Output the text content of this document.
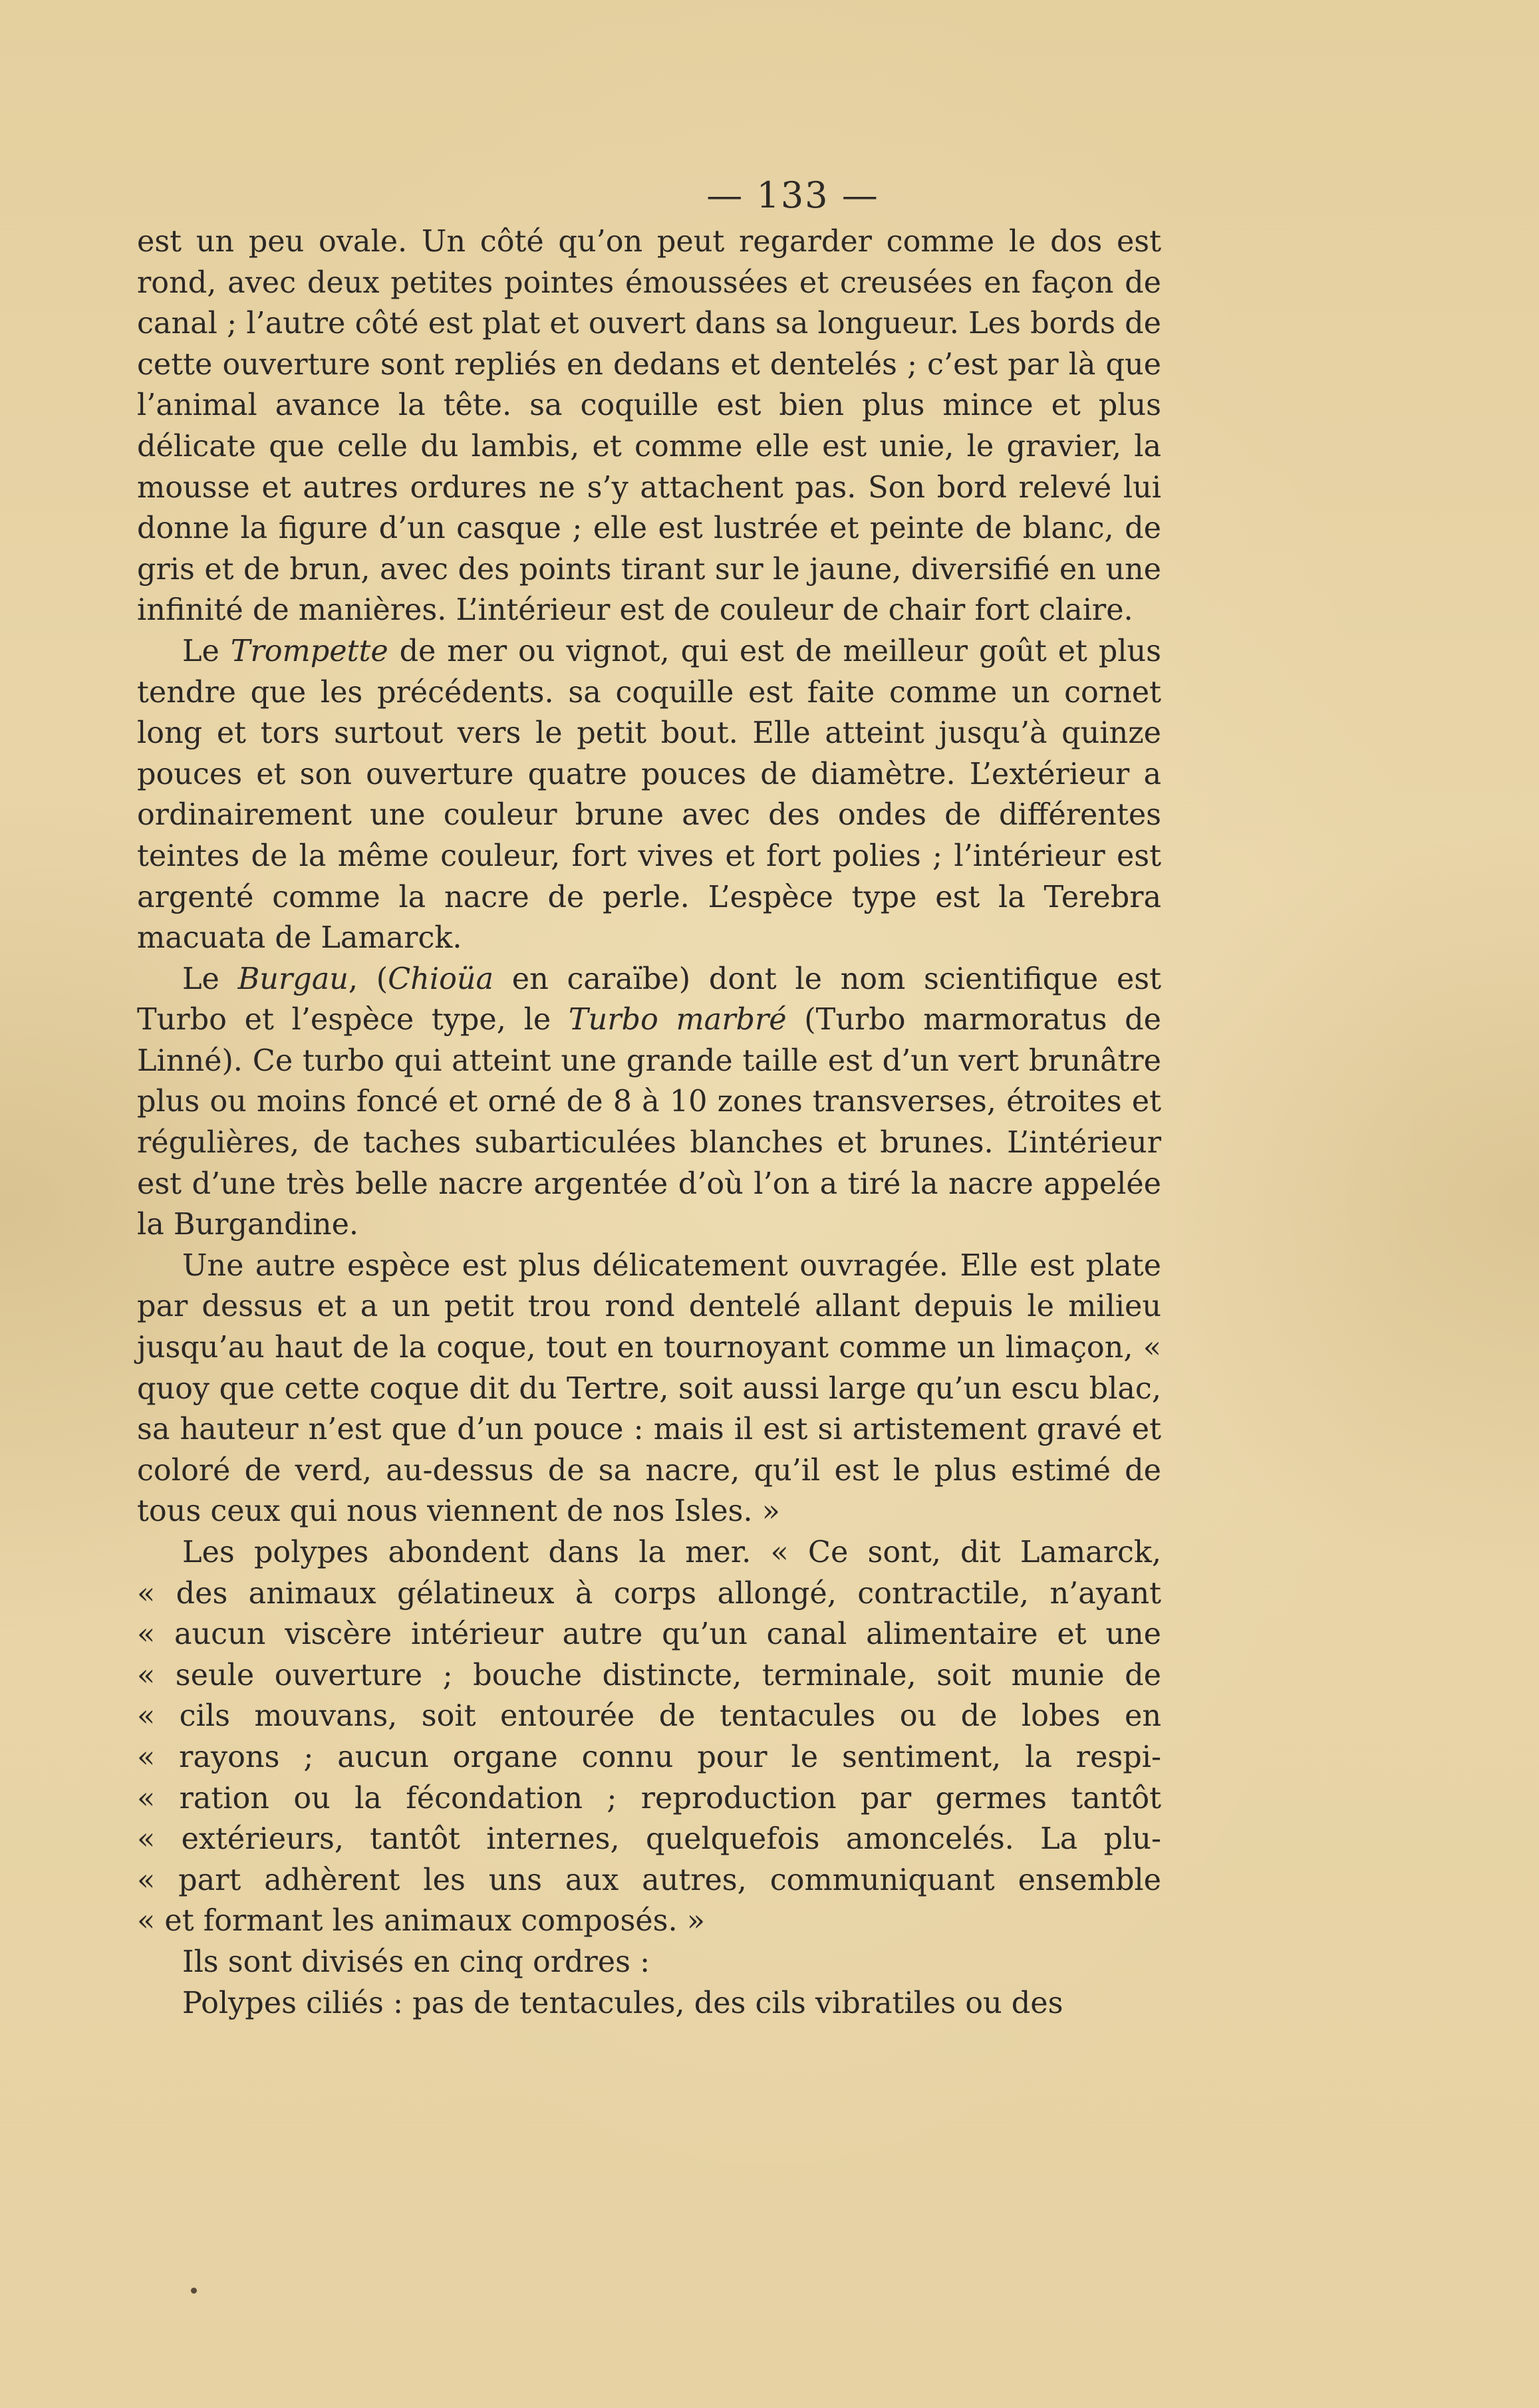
— 133 —

est un peu ovale. Un côté qu’on peut regarder comme le dos est rond, avec deux petites pointes émoussées et creusées en façon de canal ; l’autre côté est plat et ouvert dans sa longueur. Les bords de cette ouverture sont repliés en dedans et dentelés ; c’est par là que l’animal avance la tête. sa coquille est bien plus mince et plus délicate que celle du lambis, et comme elle est unie, le gravier, la mousse et autres ordures ne s’y attachent pas. Son bord relevé lui donne la figure d’un casque ; elle est lustrée et peinte de blanc, de gris et de brun, avec des points tirant sur le jaune, diversifié en une infinité de manières. L’intérieur est de couleur de chair fort claire.

Le Trompette de mer ou vignot, qui est de meilleur goût et plus tendre que les précédents. sa coquille est faite comme un cornet long et tors surtout vers le petit bout. Elle atteint jusqu’à quinze pouces et son ouverture quatre pouces de diamètre. L’extérieur a ordinairement une couleur brune avec des ondes de différentes teintes de la même couleur, fort vives et fort polies ; l’intérieur est argenté comme la nacre de perle. L’espèce type est la Terebra macuata de Lamarck.

Le Burgau, (Chioüa en caraïbe) dont le nom scientifique est Turbo et l’espèce type, le Turbo marbré (Turbo marmoratus de Linné). Ce turbo qui atteint une grande taille est d’un vert brunâtre plus ou moins foncé et orné de 8 à 10 zones transverses, étroites et régulières, de taches subarticulées blanches et brunes. L’intérieur est d’une très belle nacre argentée d’où l’on a tiré la nacre appelée la Burgandine.

Une autre espèce est plus délicatement ouvragée. Elle est plate par dessus et a un petit trou rond dentelé allant depuis le milieu jusqu’au haut de la coque, tout en tournoyant comme un limaçon, « quoy que cette coque dit du Tertre, soit aussi large qu’un escu blac, sa hauteur n’est que d’un pouce : mais il est si artistement gravé et coloré de verd, au-dessus de sa nacre, qu’il est le plus estimé de tous ceux qui nous viennent de nos Isles. »

Les polypes abondent dans la mer. « Ce sont, dit Lamarck,
« des animaux gélatineux à corps allongé, contractile, n’ayant
« aucun viscère intérieur autre qu’un canal alimentaire et une
« seule ouverture ; bouche distincte, terminale, soit munie de
« cils mouvans, soit entourée de tentacules ou de lobes en
« rayons ; aucun organe connu pour le sentiment, la respi-
« ration ou la fécondation ; reproduction par germes tantôt
« extérieurs, tantôt internes, quelquefois amoncelés. La plu-
« part adhèrent les uns aux autres, communiquant ensemble
« et formant les animaux composés. »

Ils sont divisés en cinq ordres :

Polypes ciliés : pas de tentacules, des cils vibratiles ou des
